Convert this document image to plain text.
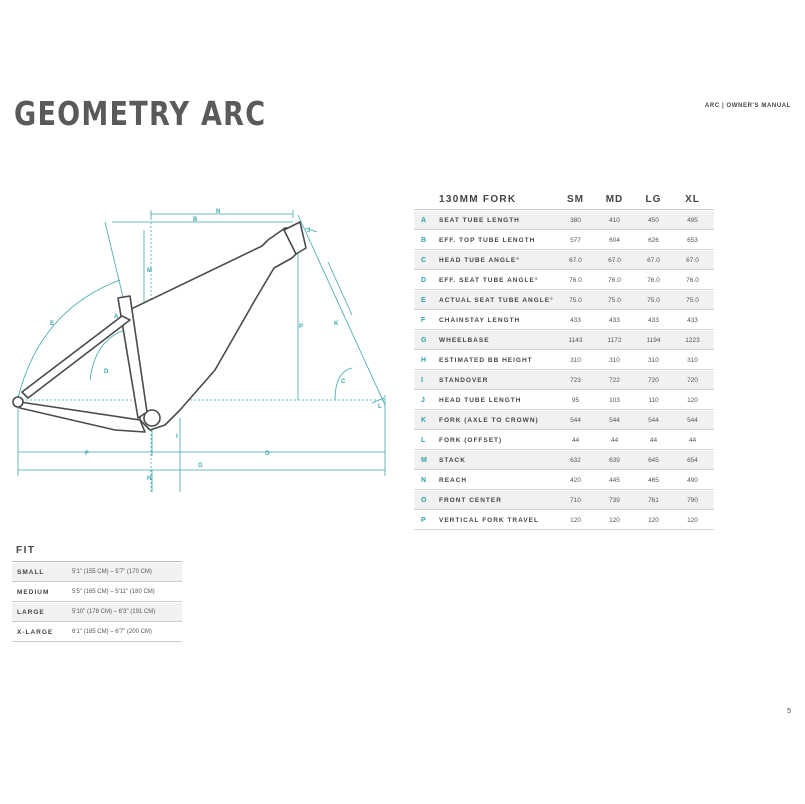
GEOMETRY ARC	ARC | OWNER'S MANUAL
5
N
B
J
M
A
P	K
E
D
C
L
I
F
G
O
H
130MM FORK	SM	MD	LG	XL
A	SEAT TUBE LENGTH	380	410	450	495
B	EFF. TOP TUBE LENGTH	577	604	626	653
C	HEAD TUBE ANGLE°	67.0	67.0	67.0	67.0
D	EFF. SEAT TUBE ANGLE°	76.0	76.0	76.0	76.0
E	ACTUAL SEAT TUBE ANGLE°	75.0	75.0	75.0	75.0
F	CHAINSTAY LENGTH	433	433	433	433
G	WHEELBASE	1143	1172	1194	1223
H	ESTIMATED BB HEIGHT	310	310	310	310
I	STANDOVER	723	722	720	720
J	HEAD TUBE LENGTH	95	103	110	120
K	FORK (AXLE TO CROWN)	544	544	544	544
L	FORK (OFFSET)	44	44	44	44
M	STACK	632	639	645	654
N	REACH	420	445	465	490
O	FRONT CENTER	710	739	761	790
P	VERTICAL FORK TRAVEL	120	120	120	120
FIT
SMALL	5'1" (155 CM) – 5'7" (170 CM)
MEDIUM	5'5" (165 CM) – 5'11" (180 CM)
LARGE	5'10" (178 CM) – 6'3" (191 CM)
X-LARGE	6'1" (185 CM) – 6'7" (200 CM)
